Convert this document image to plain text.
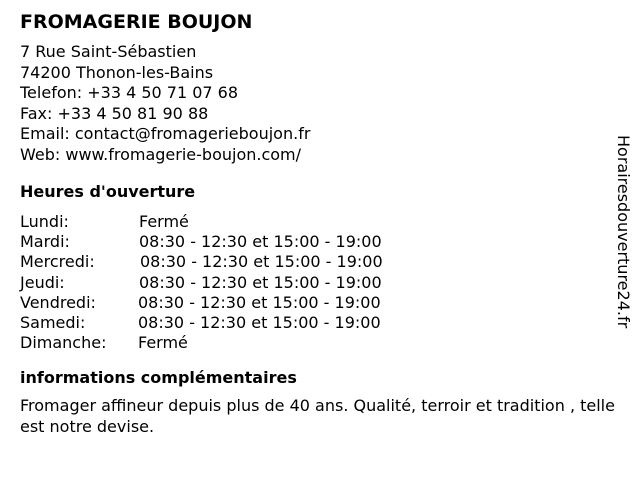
FROMAGERIE BOUJON
7 Rue Saint-Sébastien
74200 Thonon-les-Bains
Telefon: +33 4 50 71 07 68
Fax: +33 4 50 81 90 88
Email: contact@fromagerieboujon.fr
Web: www.fromagerie-boujon.com/
Heures d'ouverture
Lundi:	Fermé
Mardi:	08:30 - 12:30 et 15:00 - 19:00
Mercredi:	08:30 - 12:30 et 15:00 - 19:00
Jeudi:	08:30 - 12:30 et 15:00 - 19:00
Vendredi:	08:30 - 12:30 et 15:00 - 19:00
Samedi:	08:30 - 12:30 et 15:00 - 19:00
Dimanche: Fermé
informations complémentaires
Fromager affineur depuis plus de 40 ans. Qualité, terroir et tradition , telle est notre devise.
Horairesdouverture24.fr
